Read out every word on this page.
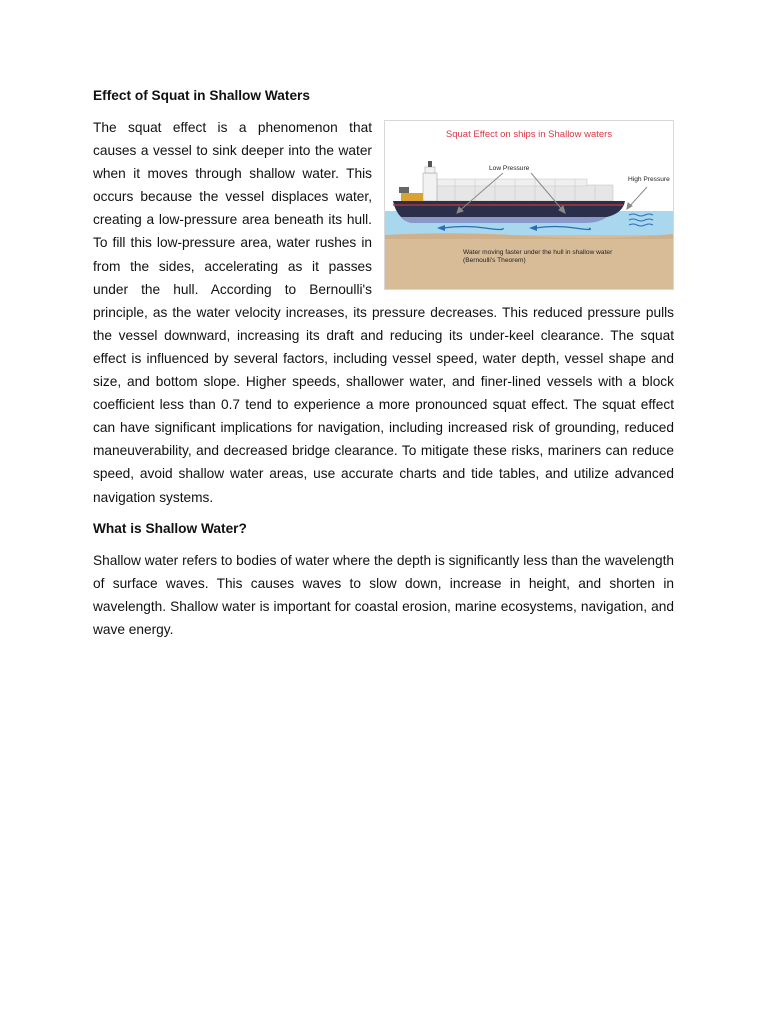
Effect of Squat in Shallow Waters
Squat Effect on ships in Shallow waters
Low Pressure
High Pressure
Water moving faster under the hull in shallow water (Bernoulli's Theorem)

The squat effect is a phenomenon that causes a vessel to sink deeper into the water when it moves through shallow water. This occurs because the vessel displaces water, creating a low-pressure area beneath its hull. To fill this low-pressure area, water rushes in from the sides, accelerating as it passes under the hull. According to Bernoulli's principle, as the water velocity increases, its pressure decreases. This reduced pressure pulls the vessel downward, increasing its draft and reducing its under-keel clearance. The squat effect is influenced by several factors, including vessel speed, water depth, vessel shape and size, and bottom slope. Higher speeds, shallower water, and finer-lined vessels with a block coefficient less than 0.7 tend to experience a more pronounced squat effect. The squat effect can have significant implications for navigation, including increased risk of grounding, reduced maneuverability, and decreased bridge clearance. To mitigate these risks, mariners can reduce speed, avoid shallow water areas, use accurate charts and tide tables, and utilize advanced navigation systems.

What is Shallow Water?

Shallow water refers to bodies of water where the depth is significantly less than the wavelength of surface waves. This causes waves to slow down, increase in height, and shorten in wavelength. Shallow water is important for coastal erosion, marine ecosystems, navigation, and wave energy.
